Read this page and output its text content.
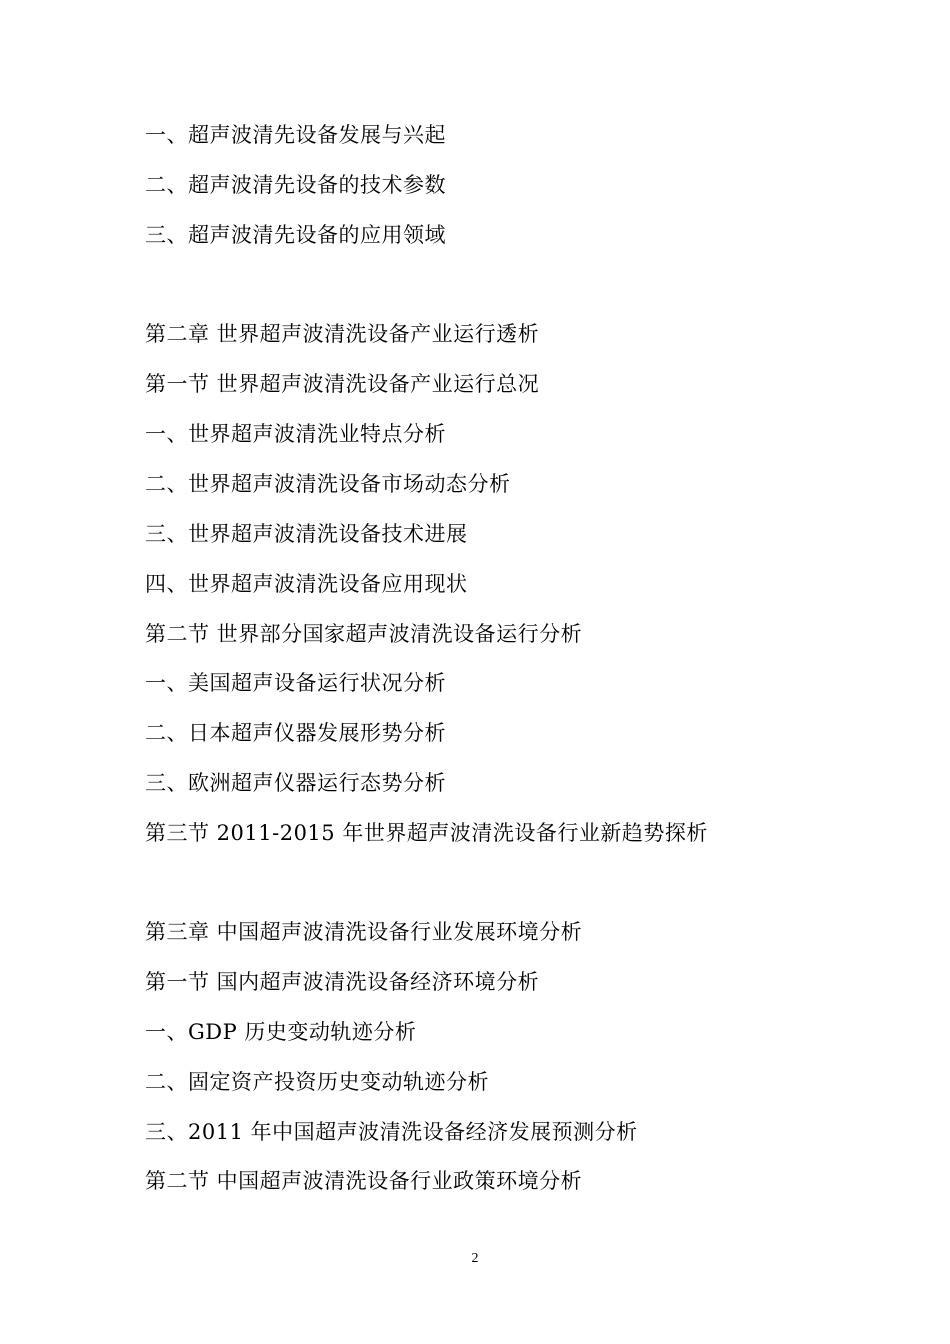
一、超声波清先设备发展与兴起
二、超声波清先设备的技术参数
三、超声波清先设备的应用领域
第二章 世界超声波清洗设备产业运行透析
第一节 世界超声波清洗设备产业运行总况
一、世界超声波清洗业特点分析
二、世界超声波清洗设备市场动态分析
三、世界超声波清洗设备技术进展
四、世界超声波清洗设备应用现状
第二节 世界部分国家超声波清洗设备运行分析
一、美国超声设备运行状况分析
二、日本超声仪器发展形势分析
三、欧洲超声仪器运行态势分析
第三节 2011-2015 年世界超声波清洗设备行业新趋势探析
第三章 中国超声波清洗设备行业发展环境分析
第一节 国内超声波清洗设备经济环境分析
一、GDP 历史变动轨迹分析
二、固定资产投资历史变动轨迹分析
三、2011 年中国超声波清洗设备经济发展预测分析
第二节 中国超声波清洗设备行业政策环境分析
2
